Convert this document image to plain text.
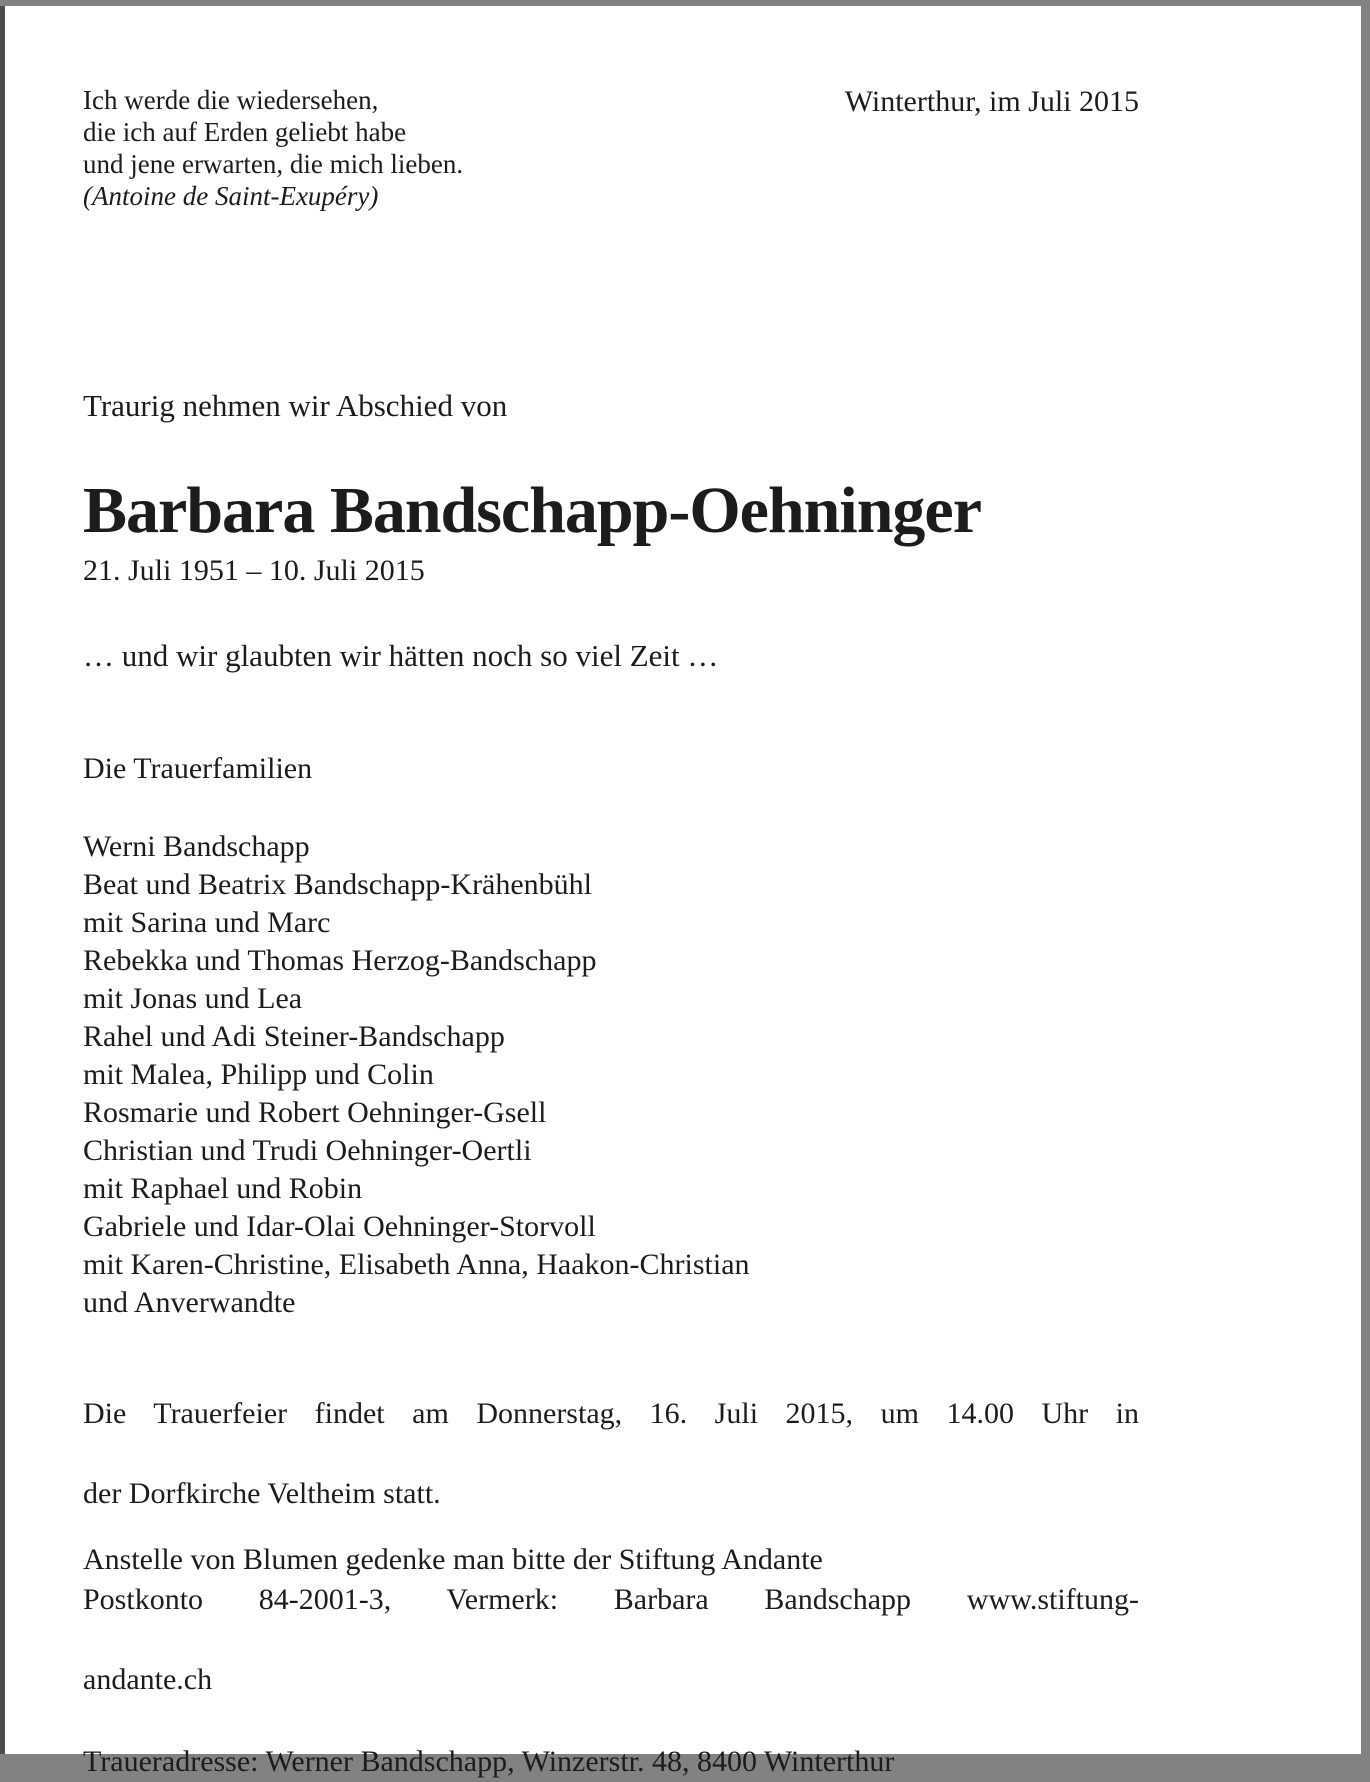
Ich werde die wiedersehen,
die ich auf Erden geliebt habe
und jene erwarten, die mich lieben.
(Antoine de Saint-Exupéry)
Winterthur, im Juli 2015
Traurig nehmen wir Abschied von
Barbara Bandschapp-Oehninger
21. Juli 1951 – 10. Juli 2015
… und wir glaubten wir hätten noch so viel Zeit …
Die Trauerfamilien
Werni Bandschapp
Beat und Beatrix Bandschapp-Krähenbühl
mit Sarina und Marc
Rebekka und Thomas Herzog-Bandschapp
mit Jonas und Lea
Rahel und Adi Steiner-Bandschapp
mit Malea, Philipp und Colin
Rosmarie und Robert Oehninger-Gsell
Christian und Trudi Oehninger-Oertli
mit Raphael und Robin
Gabriele und Idar-Olai Oehninger-Storvoll
mit Karen-Christine, Elisabeth Anna, Haakon-Christian
und Anverwandte
Die Trauerfeier findet am Donnerstag, 16. Juli 2015, um 14.00 Uhr in
der Dorfkirche Veltheim statt.
Anstelle von Blumen gedenke man bitte der Stiftung Andante
Postkonto 84-2001-3, Vermerk: Barbara Bandschapp www.stiftung-
andante.ch
Traueradresse: Werner Bandschapp, Winzerstr. 48, 8400 Winterthur
